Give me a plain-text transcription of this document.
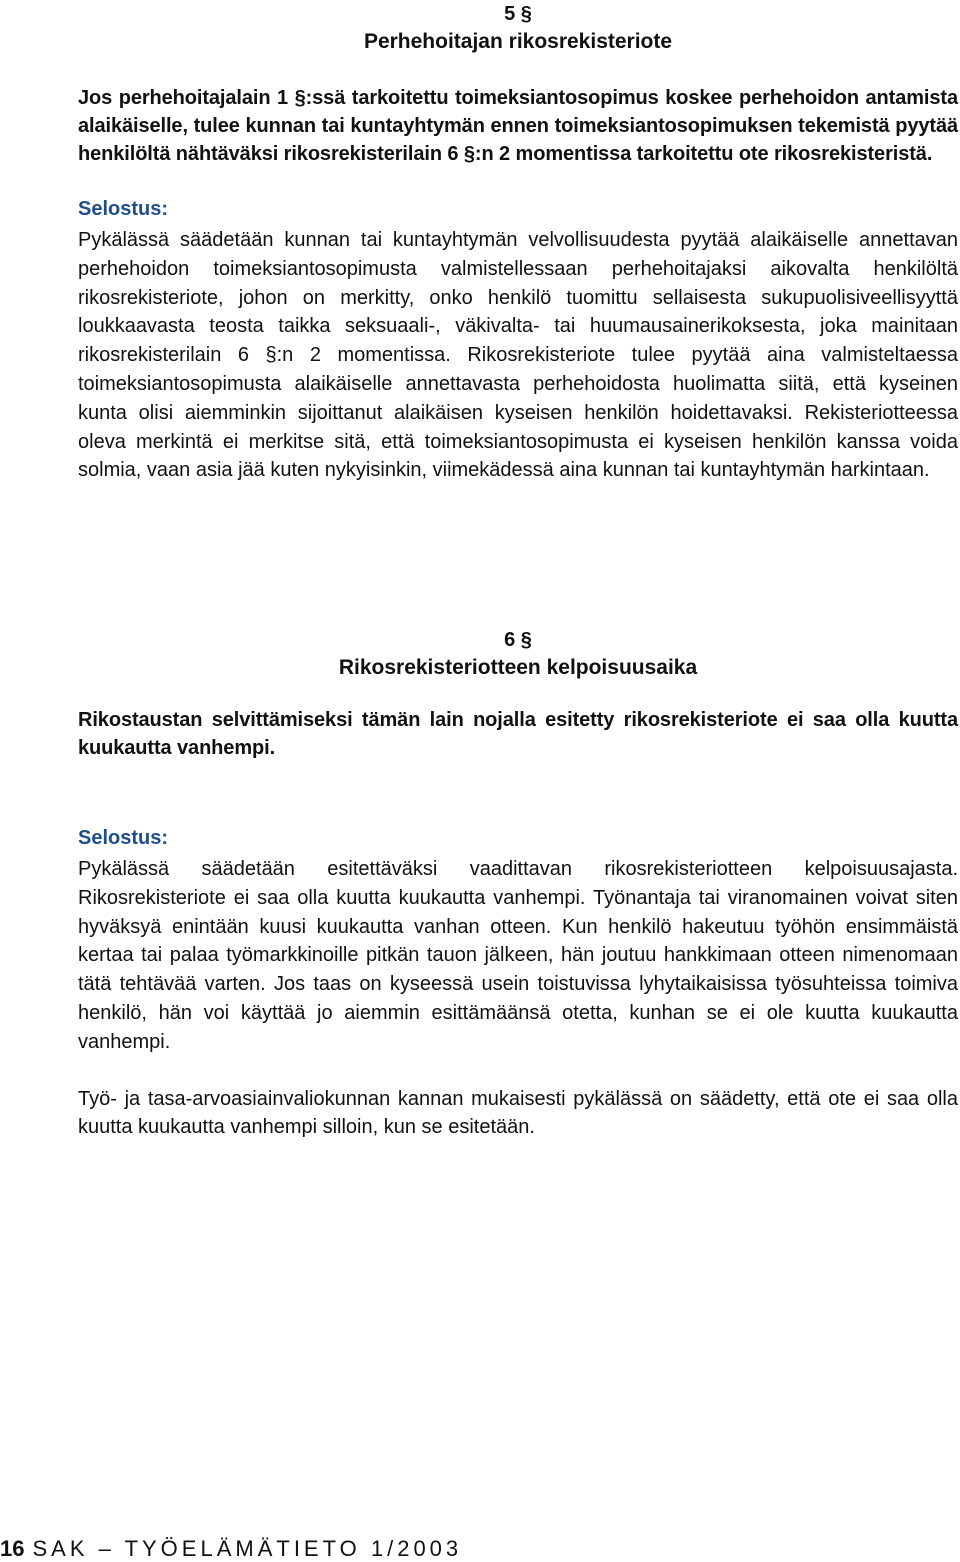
5 §

Perhehoitajan rikosrekisteriote

Jos perhehoitajalain 1 §:ssä tarkoitettu toimeksiantosopimus koskee perhehoidon antamista alaikäiselle, tulee kunnan tai kuntayhtymän ennen toimeksiantosopimuksen tekemistä pyytää henkilöltä nähtäväksi rikosrekisterilain 6 §:n 2 momentissa tarkoitettu ote rikosrekisteristä.

Selostus:

Pykälässä säädetään kunnan tai kuntayhtymän velvollisuudesta pyytää alaikäiselle annettavan perhehoidon toimeksiantosopimusta valmistellessaan perhehoitajaksi aikovalta henkilöltä rikosrekisteriote, johon on merkitty, onko henkilö tuomittu sellaisesta sukupuolisiveellisyyttä loukkaavasta teosta taikka seksuaali-, väkivalta- tai huumausainerikoksesta, joka mainitaan rikosrekisterilain 6 §:n 2 momentissa. Rikosrekisteriote tulee pyytää aina valmisteltaessa toimeksiantosopimusta alaikäiselle annettavasta perhehoidosta huolimatta siitä, että kyseinen kunta olisi aiemminkin sijoittanut alaikäisen kyseisen henkilön hoidettavaksi. Rekisteriotteessa oleva merkintä ei merkitse sitä, että toimeksiantosopimusta ei kyseisen henkilön kanssa voida solmia, vaan asia jää kuten nykyisinkin, viimekädessä aina kunnan tai kuntayhtymän harkintaan.

6 §

Rikosrekisteriotteen kelpoisuusaika

Rikostaustan selvittämiseksi tämän lain nojalla esitetty rikosrekisteriote ei saa olla kuutta kuukautta vanhempi.

Selostus:

Pykälässä säädetään esitettäväksi vaadittavan rikosrekisteriotteen kelpoisuusajasta. Rikosrekisteriote ei saa olla kuutta kuukautta vanhempi. Työnantaja tai viranomainen voivat siten hyväksyä enintään kuusi kuukautta vanhan otteen. Kun henkilö hakeutuu työhön ensimmäistä kertaa tai palaa työmarkkinoille pitkän tauon jälkeen, hän joutuu hankkimaan otteen nimenomaan tätä tehtävää varten. Jos taas on kyseessä usein toistuvissa lyhytaikaisissa työsuhteissa toimiva henkilö, hän voi käyttää jo aiemmin esittämäänsä otetta, kunhan se ei ole kuutta kuukautta vanhempi.

Työ- ja tasa-arvoasiainvaliokunnan kannan mukaisesti pykälässä on säädetty, että ote ei saa olla kuutta kuukautta vanhempi silloin, kun se esitetään.

16 SAK – TYÖELÄMÄTIETO 1/2003
